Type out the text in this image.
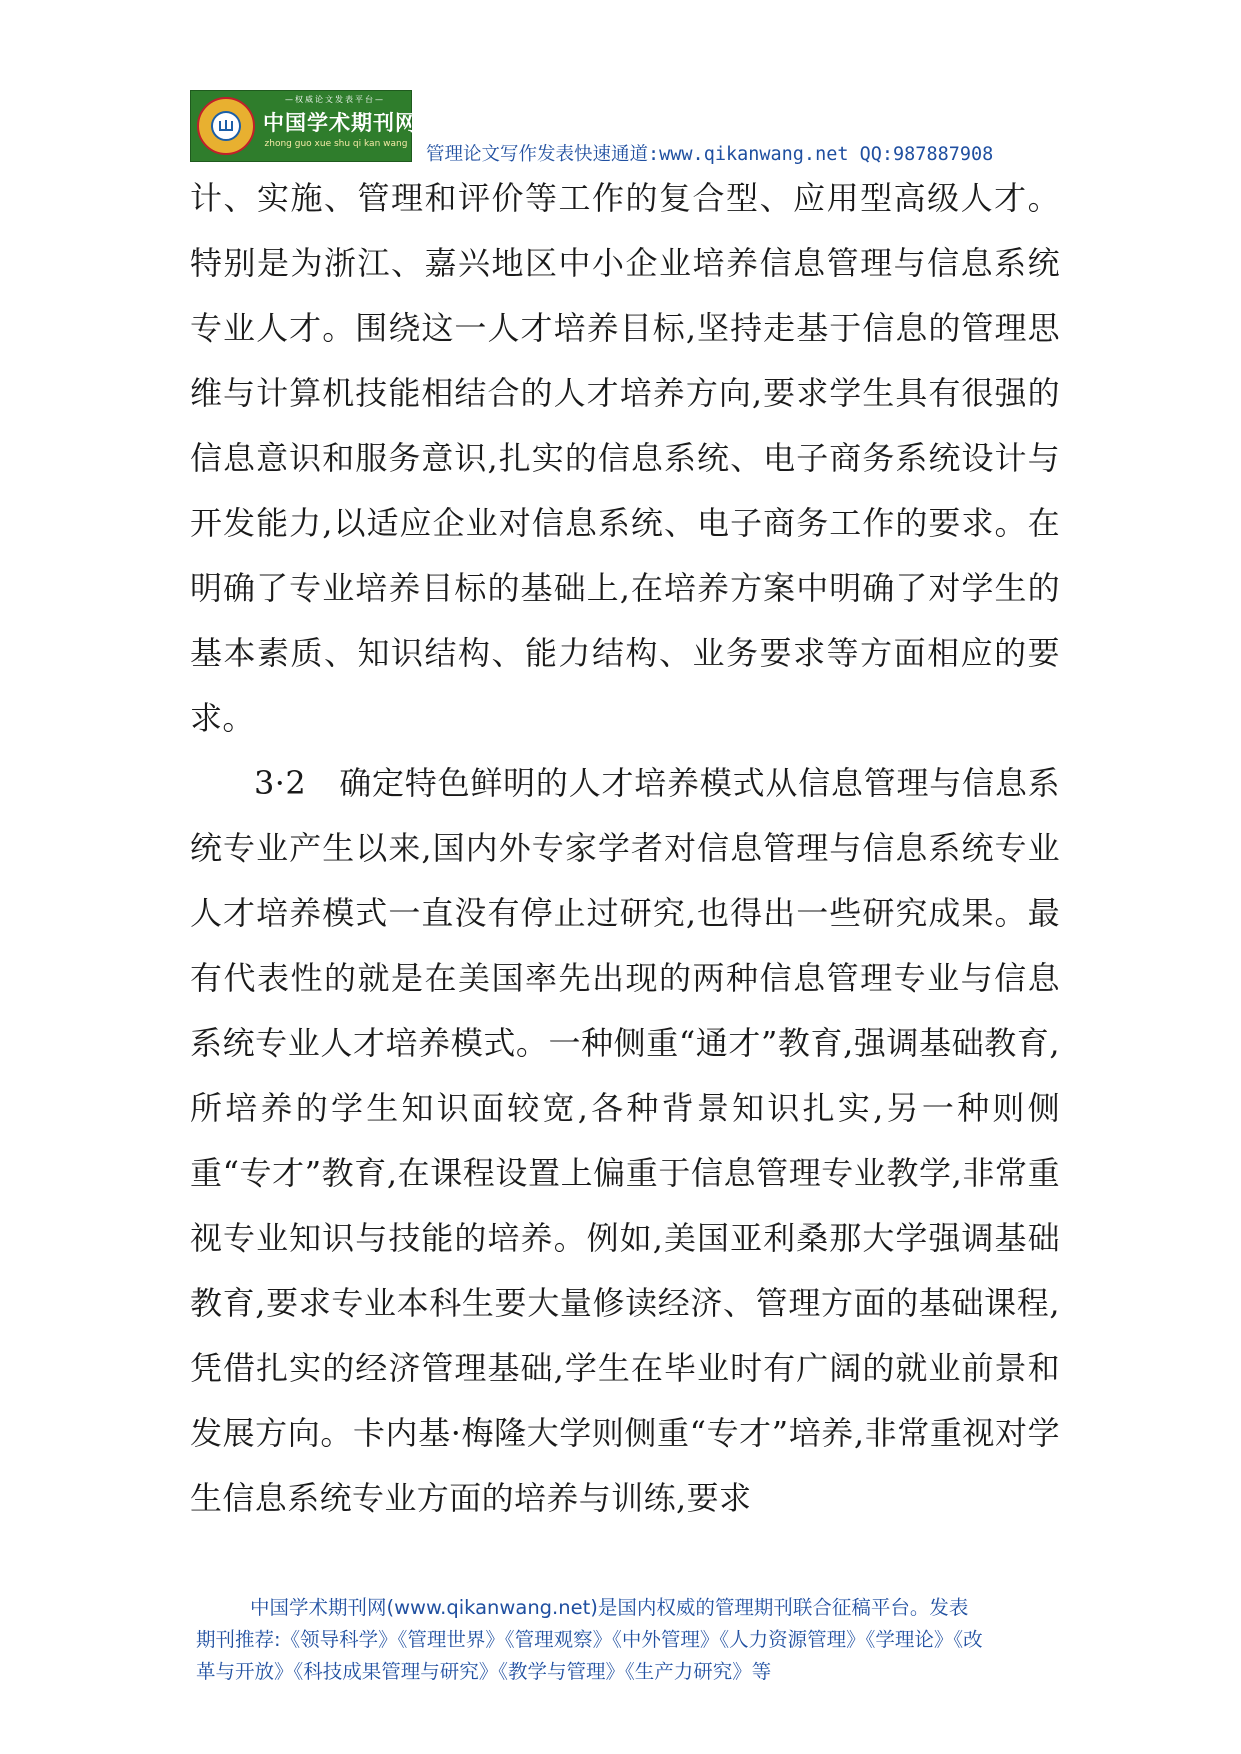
—权威论文发表平台—
中国学术期刊网
zhong guo xue shu qi kan wang 管理论文写作发表快速通道:www.qikanwang.net QQ:987887908

计、实施、管理和评价等工作的复合型、应用型高级人才。特别是为浙江、嘉兴地区中小企业培养信息管理与信息系统专业人才。围绕这一人才培养目标,坚持走基于信息的管理思维与计算机技能相结合的人才培养方向,要求学生具有很强的信息意识和服务意识,扎实的信息系统、电子商务系统设计与开发能力,以适应企业对信息系统、电子商务工作的要求。在明确了专业培养目标的基础上,在培养方案中明确了对学生的基本素质、知识结构、能力结构、业务要求等方面相应的要求。

3·2　确定特色鲜明的人才培养模式从信息管理与信息系统专业产生以来,国内外专家学者对信息管理与信息系统专业人才培养模式一直没有停止过研究,也得出一些研究成果。最有代表性的就是在美国率先出现的两种信息管理专业与信息系统专业人才培养模式。一种侧重“通才”教育,强调基础教育,所培养的学生知识面较宽,各种背景知识扎实,另一种则侧重“专才”教育,在课程设置上偏重于信息管理专业教学,非常重视专业知识与技能的培养。例如,美国亚利桑那大学强调基础教育,要求专业本科生要大量修读经济、管理方面的基础课程,凭借扎实的经济管理基础,学生在毕业时有广阔的就业前景和发展方向。卡内基·梅隆大学则侧重“专才”培养,非常重视对学生信息系统专业方面的培养与训练,要求

中国学术期刊网(www.qikanwang.net)是国内权威的管理期刊联合征稿平台。发表
期刊推荐:《领导科学》《管理世界》《管理观察》《中外管理》《人力资源管理》《学理论》《改
革与开放》《科技成果管理与研究》《教学与管理》《生产力研究》等
